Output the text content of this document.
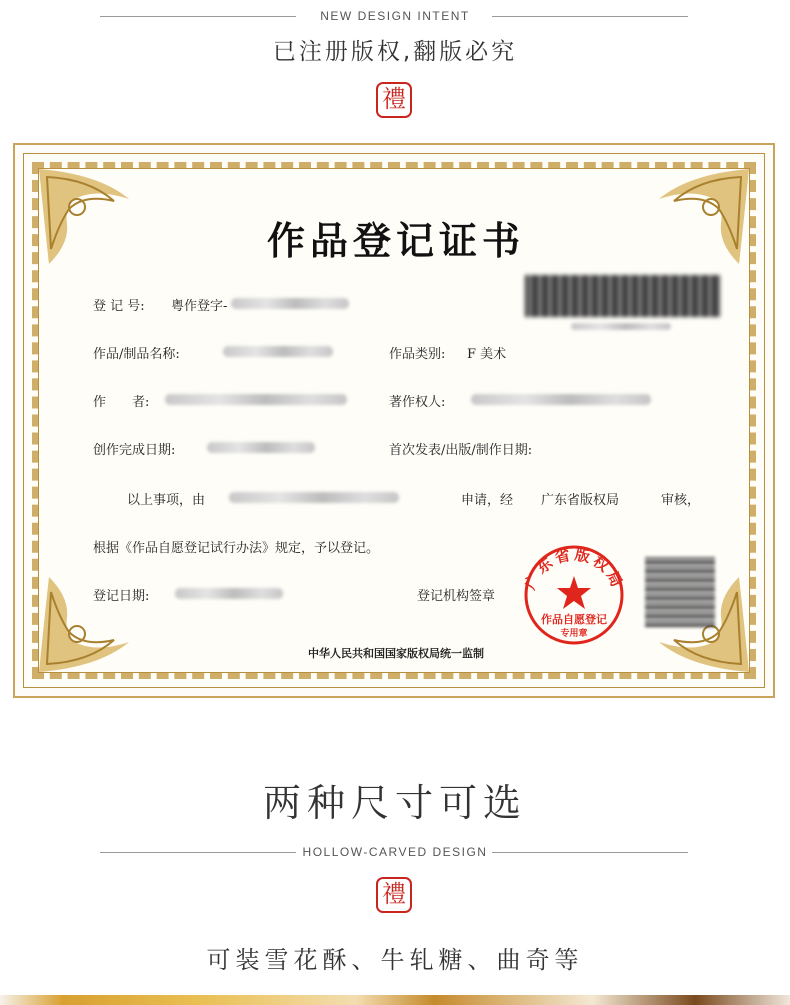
NEW DESIGN INTENT
已注册版权,翻版必究
禮
作品登记证书
登 记 号: 粤作登字-
作品/制品名称:	作品类别: F 美术
作　　者:	著作权人:
创作完成日期:	首次发表/出版/制作日期:
以上事项，由	申请，经 广东省版权局	审核，
根据《作品自愿登记试行办法》规定，予以登记。
登记日期:	登记机构签章
广东省版权局
作品自愿登记
专用章
中华人民共和国国家版权局统一监制
两种尺寸可选
HOLLOW-CARVED DESIGN
禮
可装雪花酥、牛轧糖、曲奇等
